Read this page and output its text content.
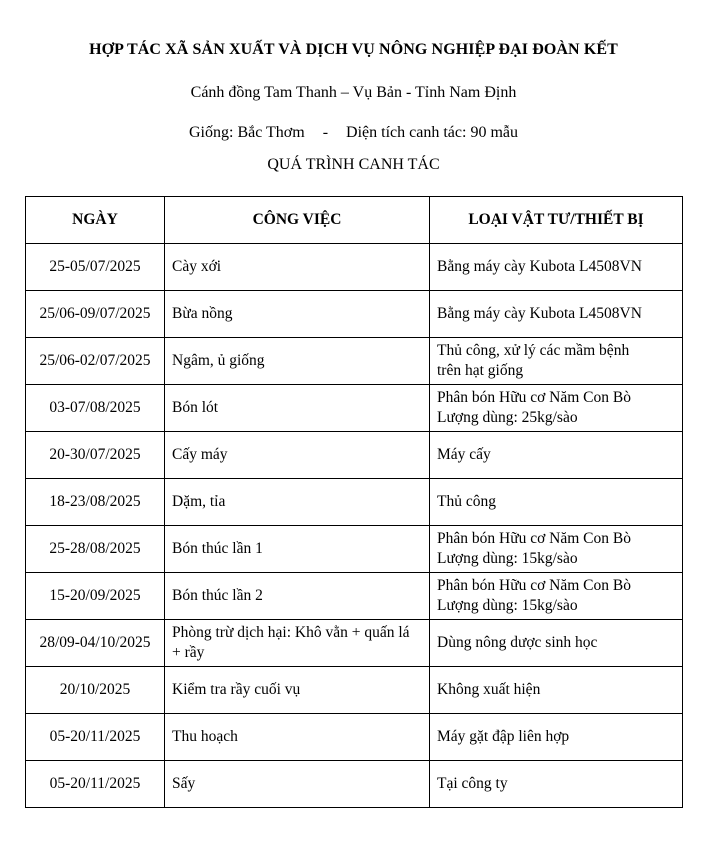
HỢP TÁC XÃ SẢN XUẤT VÀ DỊCH VỤ NÔNG NGHIỆP ĐẠI ĐOÀN KẾT
Cánh đồng Tam Thanh – Vụ Bản - Tỉnh Nam Định
Giống: Bắc Thơm - Diện tích canh tác: 90 mẫu
QUÁ TRÌNH CANH TÁC
NGÀY	CÔNG VIỆC	LOẠI VẬT TƯ/THIẾT BỊ
25-05/07/2025	Cày xới	Bằng máy cày Kubota L4508VN

25/06-09/07/2025	Bừa nồng	Bằng máy cày Kubota L4508VN

25/06-02/07/2025	Ngâm, ủ giống	Thủ công, xử lý các mầm bệnh
trên hạt giống

03-07/08/2025	Bón lót	Phân bón Hữu cơ Năm Con Bò
Lượng dùng: 25kg/sào

20-30/07/2025	Cấy máy	Máy cấy

18-23/08/2025	Dặm, tỉa	Thủ công

25-28/08/2025	Bón thúc lần 1	Phân bón Hữu cơ Năm Con Bò
Lượng dùng: 15kg/sào

15-20/09/2025	Bón thúc lần 2	Phân bón Hữu cơ Năm Con Bò
Lượng dùng: 15kg/sào

28/09-04/10/2025	Phòng trừ dịch hại: Khô vằn + quấn lá + rầy	Dùng nông dược sinh học

20/10/2025	Kiểm tra rầy cuối vụ	Không xuất hiện

05-20/11/2025	Thu hoạch	Máy gặt đập liên hợp

05-20/11/2025	Sấy	Tại công ty
